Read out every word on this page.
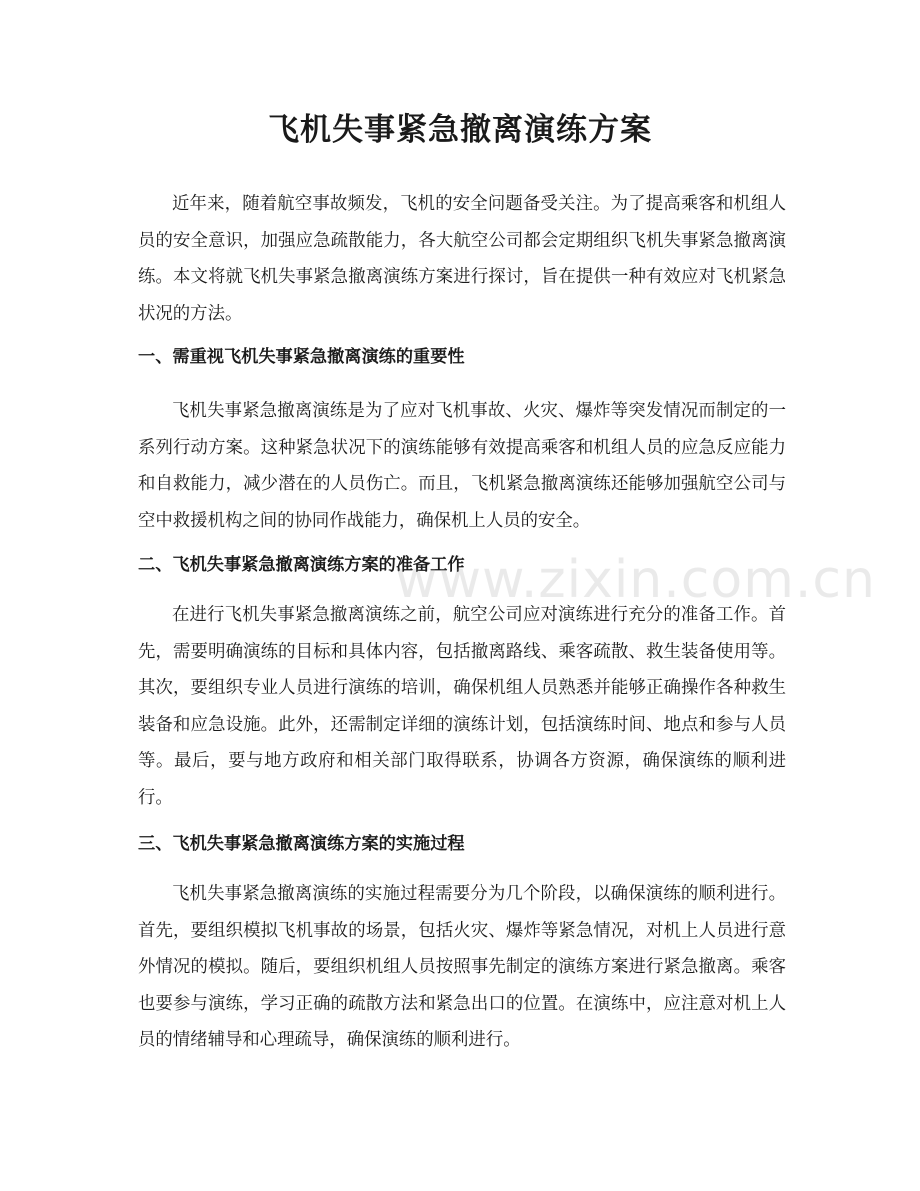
飞机失事紧急撤离演练方案

近年来，随着航空事故频发，飞机的安全问题备受关注。为了提高乘客和机组人员的安全意识，加强应急疏散能力，各大航空公司都会定期组织飞机失事紧急撤离演练。本文将就飞机失事紧急撤离演练方案进行探讨，旨在提供一种有效应对飞机紧急状况的方法。

一、需重视飞机失事紧急撤离演练的重要性

飞机失事紧急撤离演练是为了应对飞机事故、火灾、爆炸等突发情况而制定的一系列行动方案。这种紧急状况下的演练能够有效提高乘客和机组人员的应急反应能力和自救能力，减少潜在的人员伤亡。而且，飞机紧急撤离演练还能够加强航空公司与空中救援机构之间的协同作战能力，确保机上人员的安全。

二、飞机失事紧急撤离演练方案的准备工作

在进行飞机失事紧急撤离演练之前，航空公司应对演练进行充分的准备工作。首先，需要明确演练的目标和具体内容，包括撤离路线、乘客疏散、救生装备使用等。其次，要组织专业人员进行演练的培训，确保机组人员熟悉并能够正确操作各种救生装备和应急设施。此外，还需制定详细的演练计划，包括演练时间、地点和参与人员等。最后，要与地方政府和相关部门取得联系，协调各方资源，确保演练的顺利进行。

三、飞机失事紧急撤离演练方案的实施过程

飞机失事紧急撤离演练的实施过程需要分为几个阶段，以确保演练的顺利进行。首先，要组织模拟飞机事故的场景，包括火灾、爆炸等紧急情况，对机上人员进行意外情况的模拟。随后，要组织机组人员按照事先制定的演练方案进行紧急撤离。乘客也要参与演练，学习正确的疏散方法和紧急出口的位置。在演练中，应注意对机上人员的情绪辅导和心理疏导，确保演练的顺利进行。

www.zixin.com.cn
